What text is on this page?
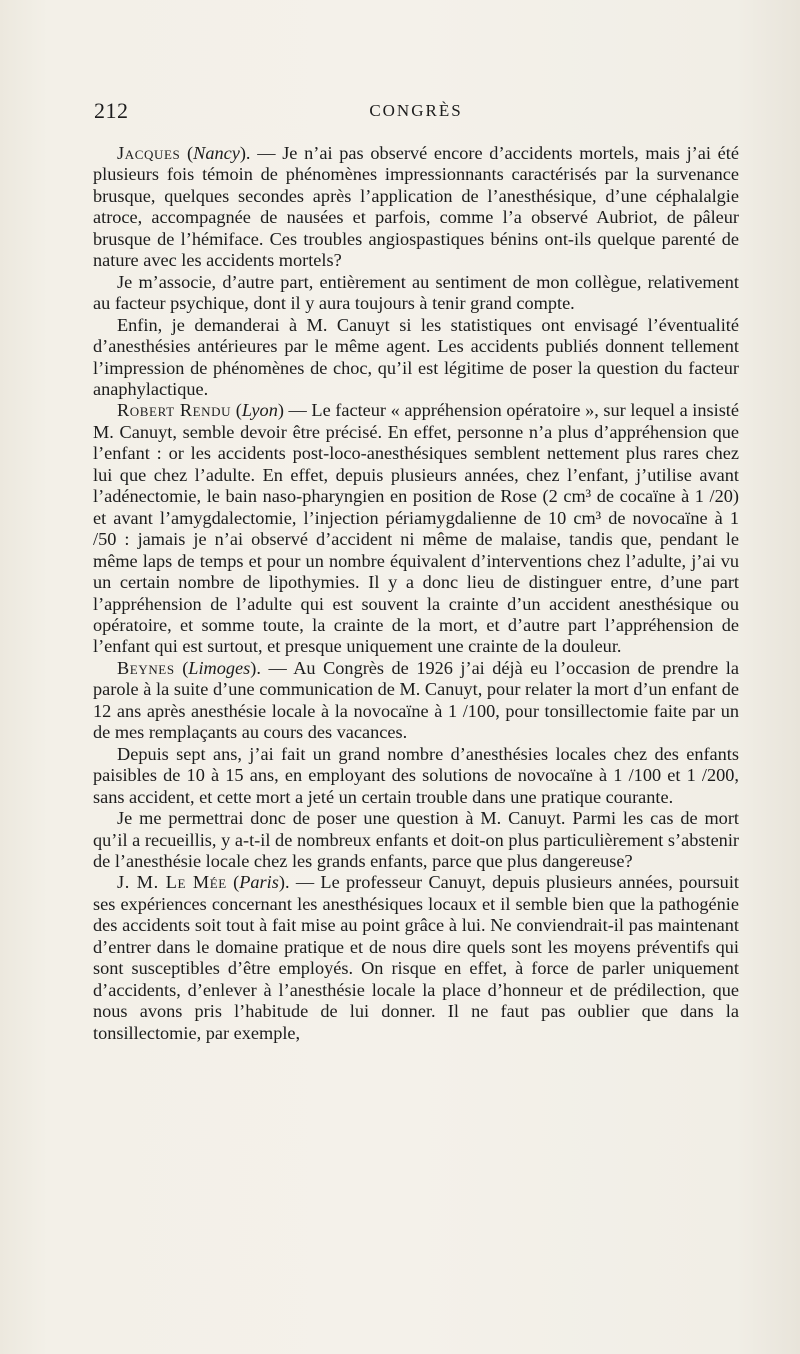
212	CONGRÈS

Jacques (Nancy). — Je n’ai pas observé encore d’accidents mortels, mais j’ai été plusieurs fois témoin de phénomènes impressionnants caractérisés par la survenance brusque, quelques secondes après l’application de l’anesthésique, d’une céphalalgie atroce, accompagnée de nausées et parfois, comme l’a observé Aubriot, de pâleur brusque de l’hémiface. Ces troubles angiospastiques bénins ont-ils quelque parenté de nature avec les accidents mortels?

Je m’associe, d’autre part, entièrement au sentiment de mon collègue, relativement au facteur psychique, dont il y aura toujours à tenir grand compte.

Enfin, je demanderai à M. Canuyt si les statistiques ont envisagé l’éventualité d’anesthésies antérieures par le même agent. Les accidents publiés donnent tellement l’impression de phénomènes de choc, qu’il est légitime de poser la question du facteur anaphylactique.

Robert Rendu (Lyon) — Le facteur « appréhension opératoire », sur lequel a insisté M. Canuyt, semble devoir être précisé. En effet, personne n’a plus d’appréhension que l’enfant : or les accidents post-loco-anesthésiques semblent nettement plus rares chez lui que chez l’adulte. En effet, depuis plusieurs années, chez l’enfant, j’utilise avant l’adénectomie, le bain naso-pharyngien en position de Rose (2 cm³ de cocaïne à 1 /20) et avant l’amygdalectomie, l’injection périamygdalienne de 10 cm³ de novocaïne à 1 /50 : jamais je n’ai observé d’accident ni même de malaise, tandis que, pendant le même laps de temps et pour un nombre équivalent d’interventions chez l’adulte, j’ai vu un certain nombre de lipothymies. Il y a donc lieu de distinguer entre, d’une part l’appréhension de l’adulte qui est souvent la crainte d’un accident anesthésique ou opératoire, et somme toute, la crainte de la mort, et d’autre part l’appréhension de l’enfant qui est surtout, et presque uniquement une crainte de la douleur.

Beynes (Limoges). — Au Congrès de 1926 j’ai déjà eu l’occasion de prendre la parole à la suite d’une communication de M. Canuyt, pour relater la mort d’un enfant de 12 ans après anesthésie locale à la novocaïne à 1 /100, pour tonsillectomie faite par un de mes remplaçants au cours des vacances.

Depuis sept ans, j’ai fait un grand nombre d’anesthésies locales chez des enfants paisibles de 10 à 15 ans, en employant des solutions de novocaïne à 1 /100 et 1 /200, sans accident, et cette mort a jeté un certain trouble dans une pratique courante.

Je me permettrai donc de poser une question à M. Canuyt. Parmi les cas de mort qu’il a recueillis, y a-t-il de nombreux enfants et doit-on plus particulièrement s’abstenir de l’anesthésie locale chez les grands enfants, parce que plus dangereuse?

J. M. Le Mée (Paris). — Le professeur Canuyt, depuis plusieurs années, poursuit ses expériences concernant les anesthésiques locaux et il semble bien que la pathogénie des accidents soit tout à fait mise au point grâce à lui. Ne conviendrait-il pas maintenant d’entrer dans le domaine pratique et de nous dire quels sont les moyens préventifs qui sont susceptibles d’être employés. On risque en effet, à force de parler uniquement d’accidents, d’enlever à l’anesthésie locale la place d’honneur et de prédilection, que nous avons pris l’habitude de lui donner. Il ne faut pas oublier que dans la tonsillectomie, par exemple,
